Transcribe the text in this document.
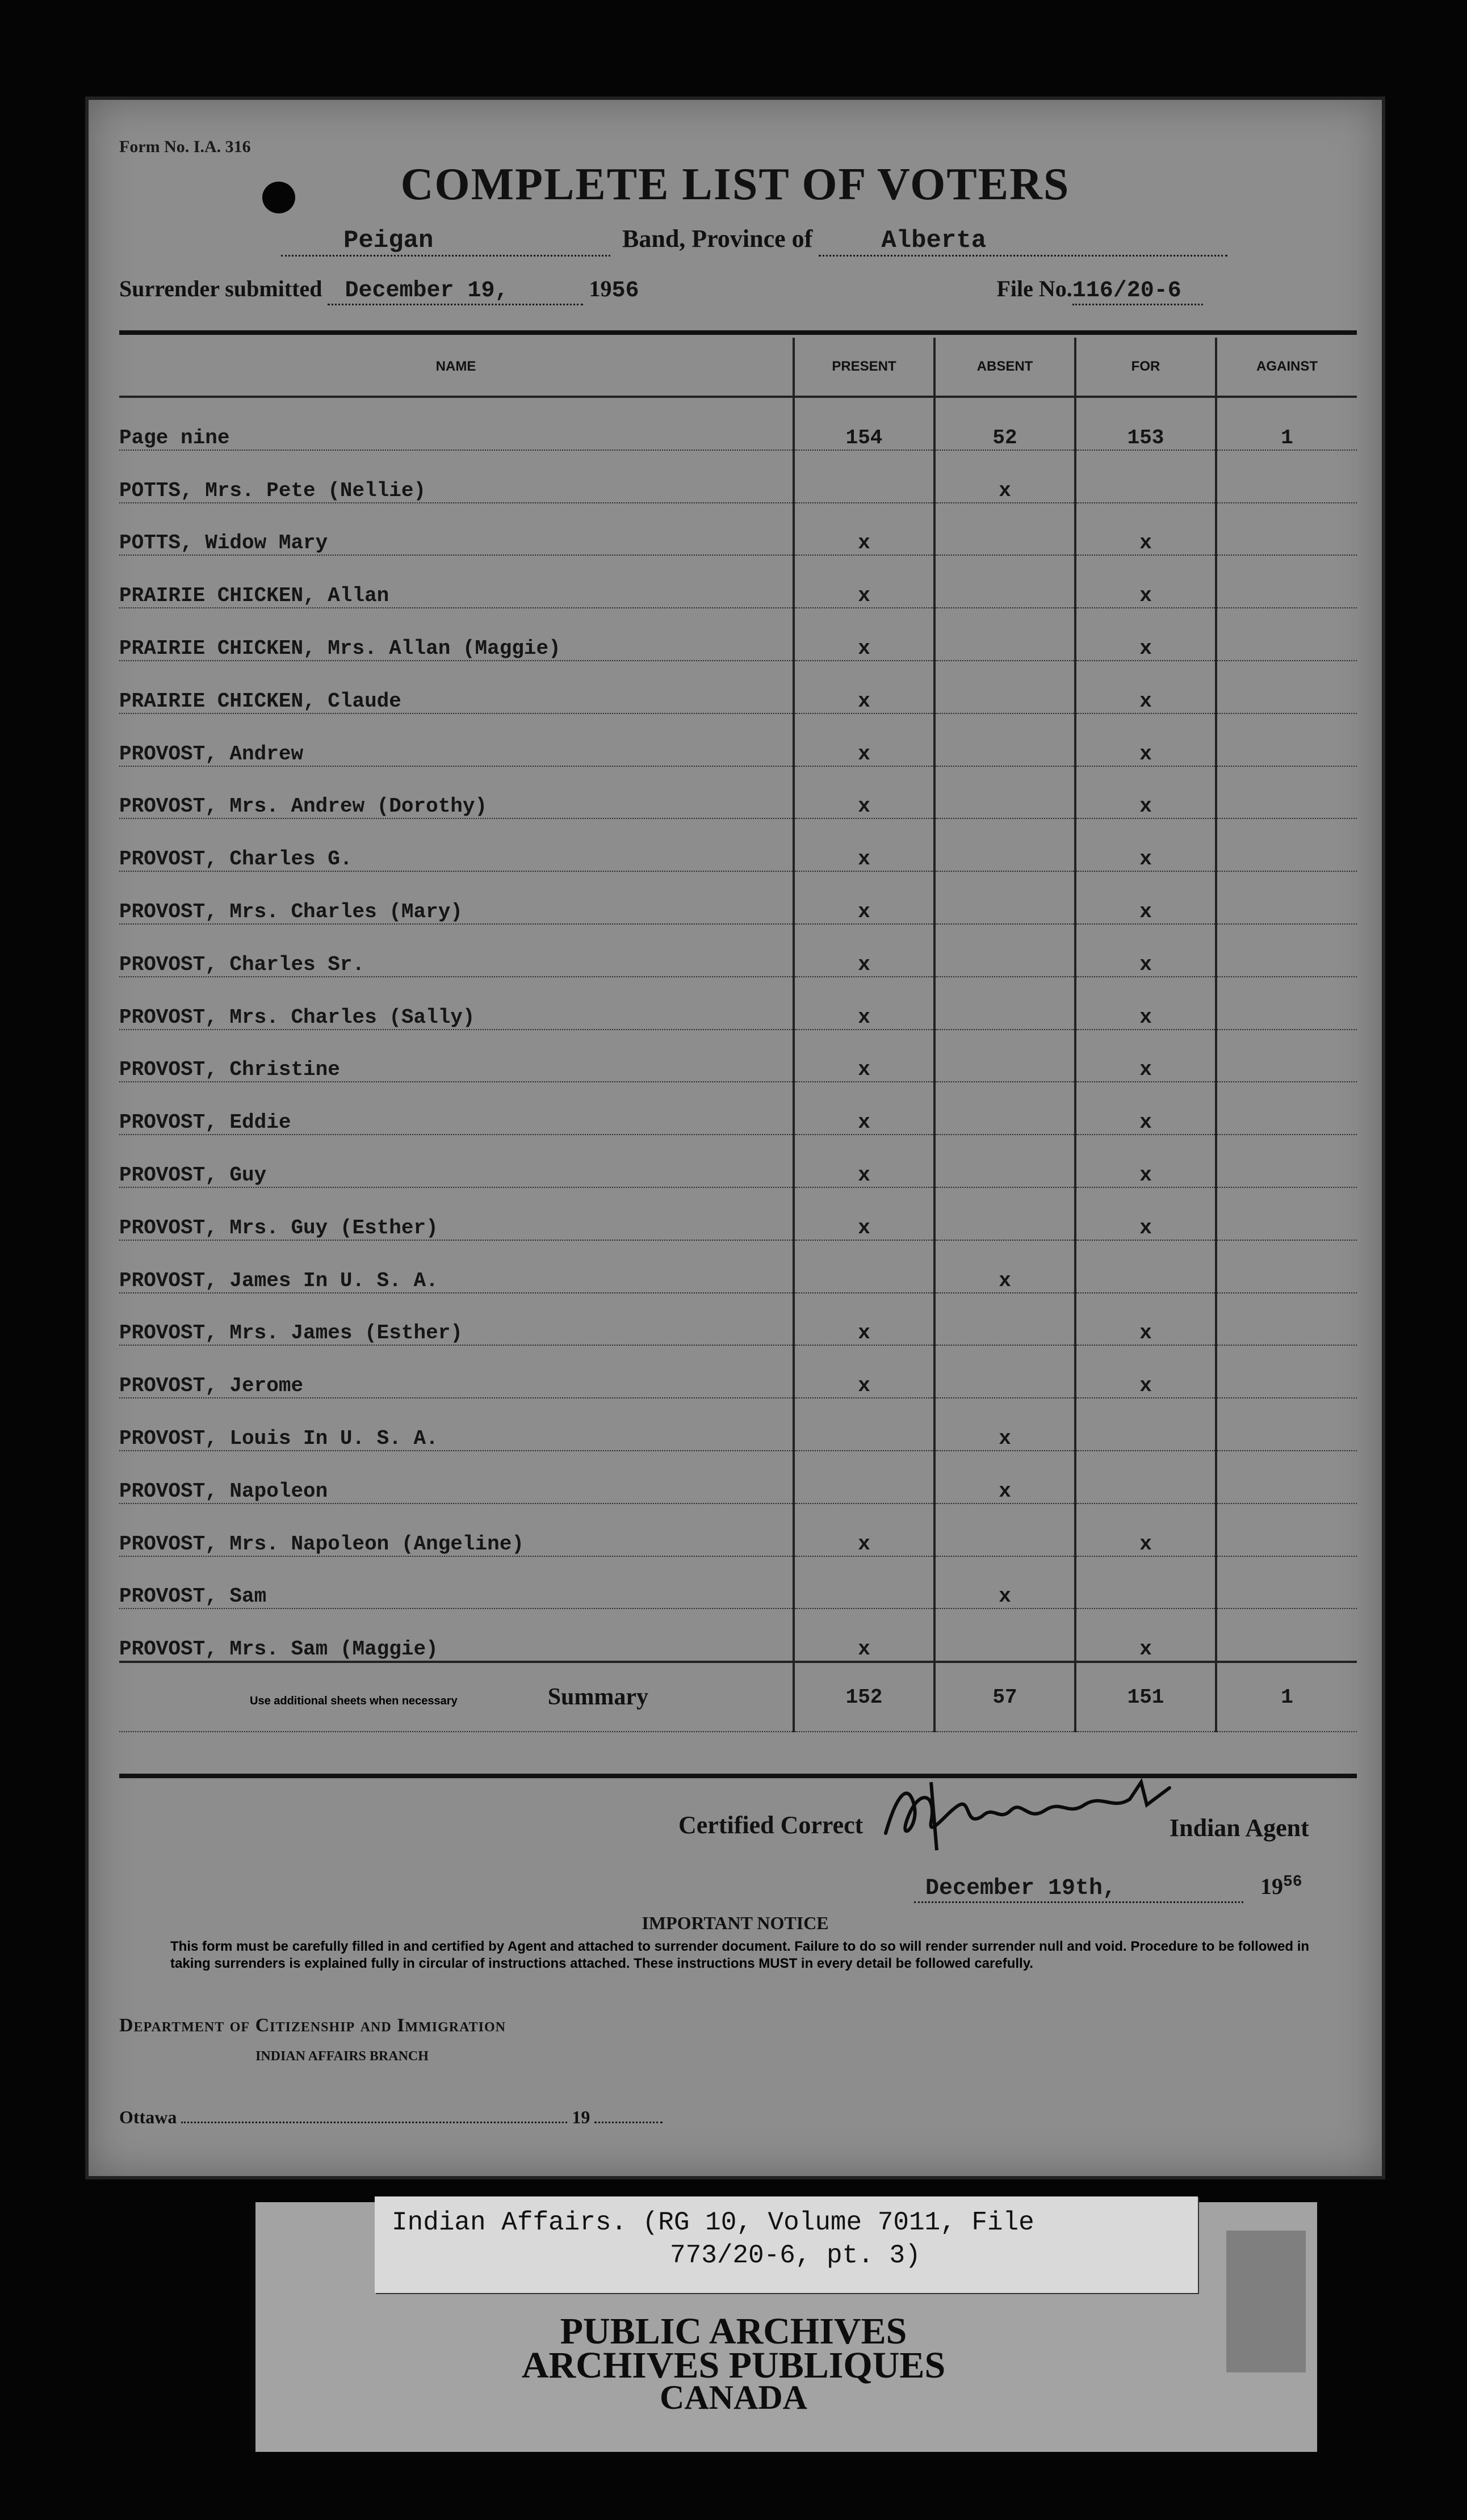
Form No. I.A. 316
COMPLETE LIST OF VOTERS
Peigan	Band, Province of	Alberta
Surrender submitted December 19,	1956	File No.116/20-6
NAME	PRESENT	ABSENT	FOR	AGAINST
Page nine	154	52	153	1
POTTS, Mrs. Pete (Nellie)		x		
POTTS, Widow Mary	x		x	
PRAIRIE CHICKEN, Allan	x		x	
PRAIRIE CHICKEN, Mrs. Allan (Maggie)	x		x	
PRAIRIE CHICKEN, Claude	x		x	
PROVOST, Andrew	x		x	
PROVOST, Mrs. Andrew (Dorothy)	x		x	
PROVOST, Charles G.	x		x	
PROVOST, Mrs. Charles (Mary)	x		x	
PROVOST, Charles Sr.	x		x	
PROVOST, Mrs. Charles (Sally)	x		x	
PROVOST, Christine	x		x	
PROVOST, Eddie	x		x	
PROVOST, Guy	x		x	
PROVOST, Mrs. Guy (Esther)	x		x	
PROVOST, James In U. S. A.		x		
PROVOST, Mrs. James (Esther)	x		x	
PROVOST, Jerome	x		x	
PROVOST, Louis In U. S. A.		x		
PROVOST, Napoleon		x		
PROVOST, Mrs. Napoleon (Angeline)	x		x	
PROVOST, Sam		x		
PROVOST, Mrs. Sam (Maggie)	x		x	
Use additional sheets when necessary Summary	152	57	151	1
Certified Correct	Indian Agent
December 19th,	$19^{56}$
IMPORTANT NOTICE
This form must be carefully filled in and certified by Agent and attached to surrender document. Failure to do so will render surrender null and void. Procedure to be followed in taking surrenders is explained fully in circular of instructions attached. These instructions MUST in every detail be followed carefully.
Department of Citizenship and Immigration
INDIAN AFFAIRS BRANCH
Ottawa	19
Indian Affairs. (RG 10, Volume 7011, File
773/20-6, pt. 3)
PUBLIC ARCHIVES
ARCHIVES PUBLIQUES
CANADA
